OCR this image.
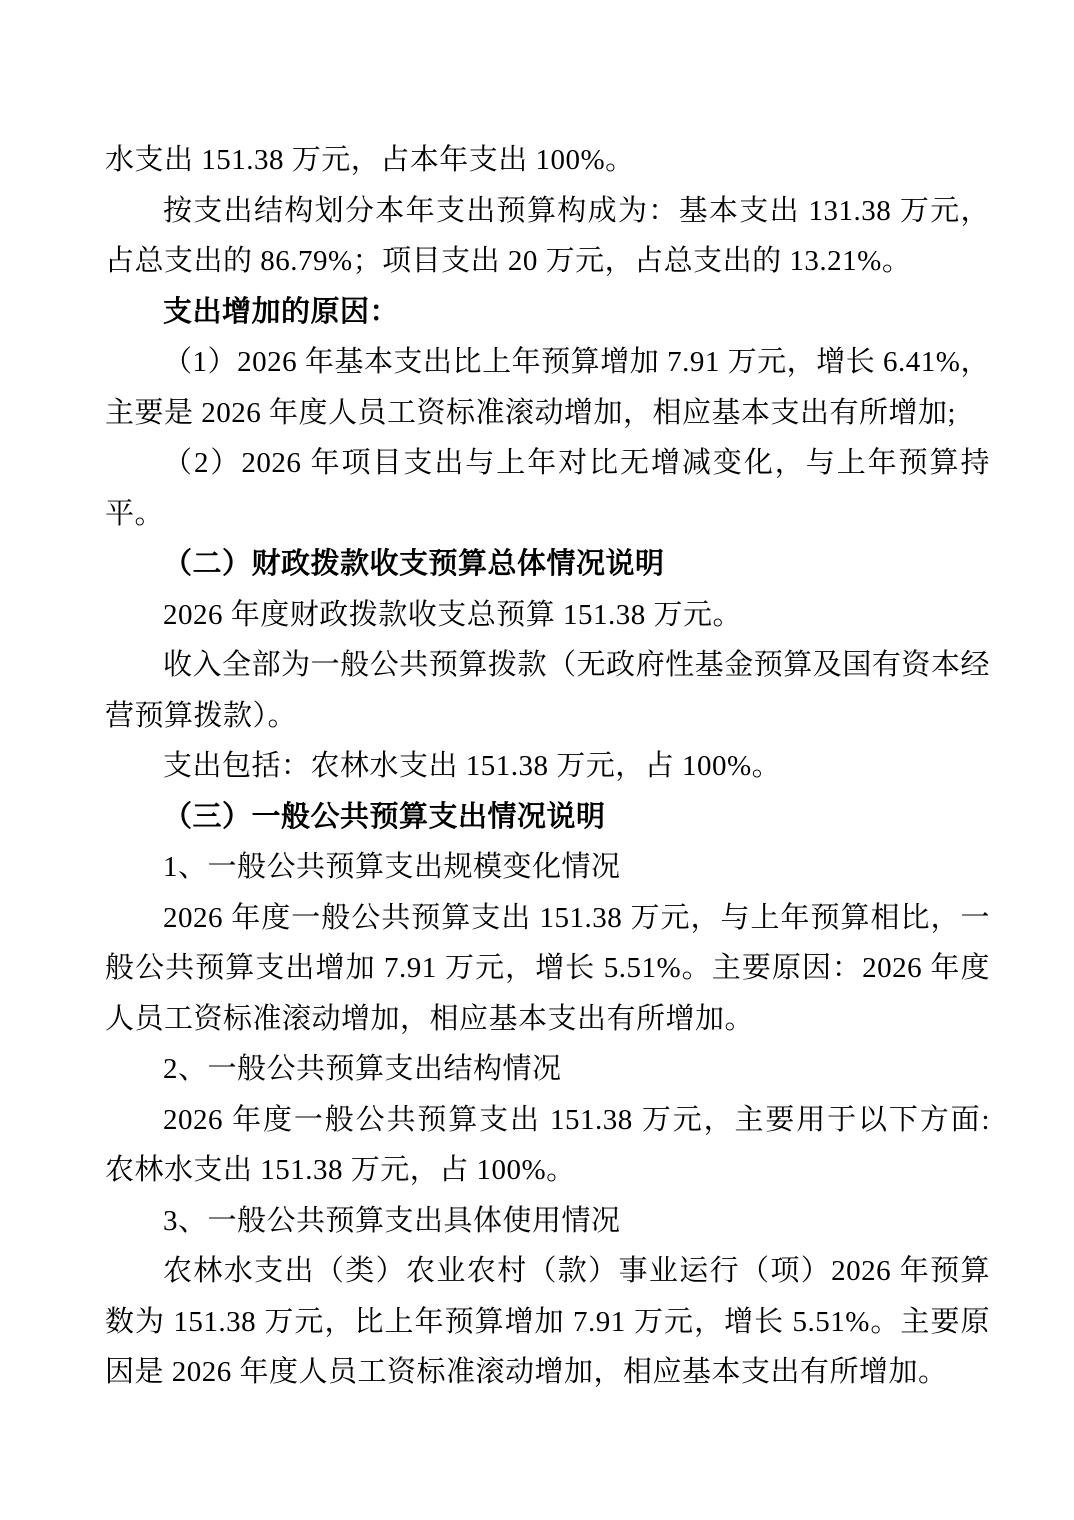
水支出 151.38 万元，占本年支出 100%。

按支出结构划分本年支出预算构成为：基本支出 131.38 万元，占总支出的 86.79%；项目支出 20 万元，占总支出的 13.21%。

支出增加的原因：

（1）2026 年基本支出比上年预算增加 7.91 万元，增长 6.41%，主要是 2026 年度人员工资标准滚动增加，相应基本支出有所增加;

（2）2026 年项目支出与上年对比无增减变化，与上年预算持平。

（二）财政拨款收支预算总体情况说明

2026 年度财政拨款收支总预算 151.38 万元。

收入全部为一般公共预算拨款（无政府性基金预算及国有资本经营预算拨款）。

支出包括：农林水支出 151.38 万元，占 100%。

（三）一般公共预算支出情况说明

1、一般公共预算支出规模变化情况

2026 年度一般公共预算支出 151.38 万元，与上年预算相比，一般公共预算支出增加 7.91 万元，增长 5.51%。主要原因：2026 年度人员工资标准滚动增加，相应基本支出有所增加。

2、一般公共预算支出结构情况

2026 年度一般公共预算支出 151.38 万元，主要用于以下方面: 农林水支出 151.38 万元，占 100%。

3、一般公共预算支出具体使用情况

农林水支出（类）农业农村（款）事业运行（项）2026 年预算数为 151.38 万元，比上年预算增加 7.91 万元，增长 5.51%。主要原因是 2026 年度人员工资标准滚动增加，相应基本支出有所增加。
